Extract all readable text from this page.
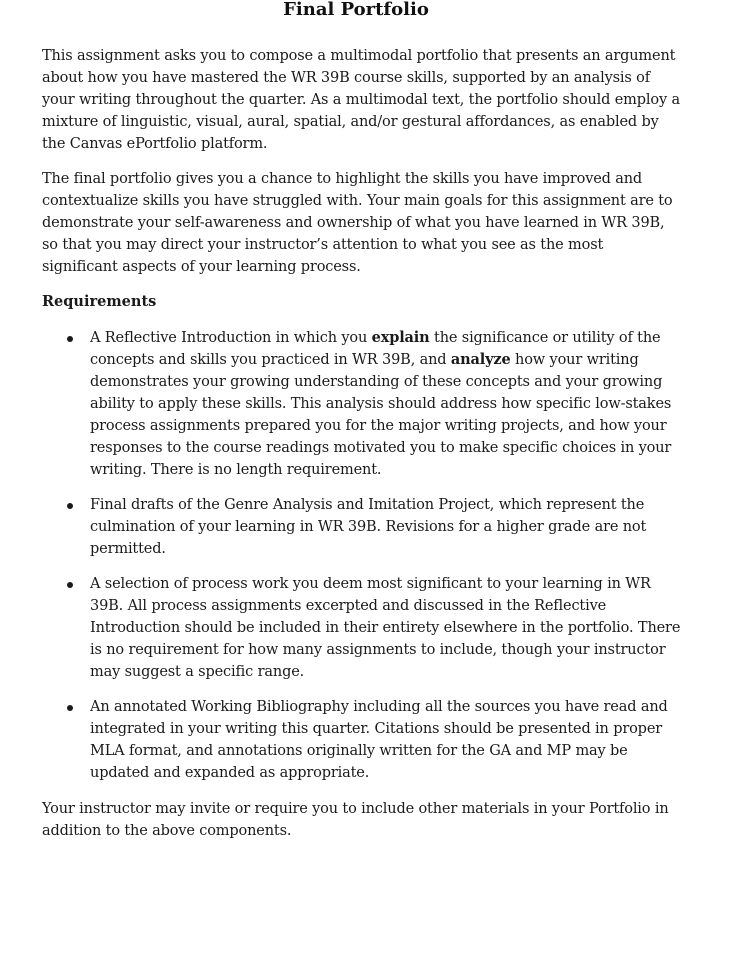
Final Portfolio

This assignment asks you to compose a multimodal portfolio that presents an argument about how you have mastered the WR 39B course skills, supported by an analysis of your writing throughout the quarter. As a multimodal text, the portfolio should employ a mixture of linguistic, visual, aural, spatial, and/or gestural affordances, as enabled by the Canvas ePortfolio platform.

The final portfolio gives you a chance to highlight the skills you have improved and contextualize skills you have struggled with. Your main goals for this assignment are to demonstrate your self-awareness and ownership of what you have learned in WR 39B, so that you may direct your instructor’s attention to what you see as the most significant aspects of your learning process.

Requirements
A Reflective Introduction in which you explain the significance or utility of the concepts and skills you practiced in WR 39B, and analyze how your writing demonstrates your growing understanding of these concepts and your growing ability to apply these skills. This analysis should address how specific low-stakes process assignments prepared you for the major writing projects, and how your responses to the course readings motivated you to make specific choices in your writing. There is no length requirement.
Final drafts of the Genre Analysis and Imitation Project, which represent the culmination of your learning in WR 39B. Revisions for a higher grade are not permitted.
A selection of process work you deem most significant to your learning in WR 39B. All process assignments excerpted and discussed in the Reflective Introduction should be included in their entirety elsewhere in the portfolio. There is no requirement for how many assignments to include, though your instructor may suggest a specific range.
An annotated Working Bibliography including all the sources you have read and integrated in your writing this quarter. Citations should be presented in proper MLA format, and annotations originally written for the GA and MP may be updated and expanded as appropriate.

Your instructor may invite or require you to include other materials in your Portfolio in addition to the above components.
